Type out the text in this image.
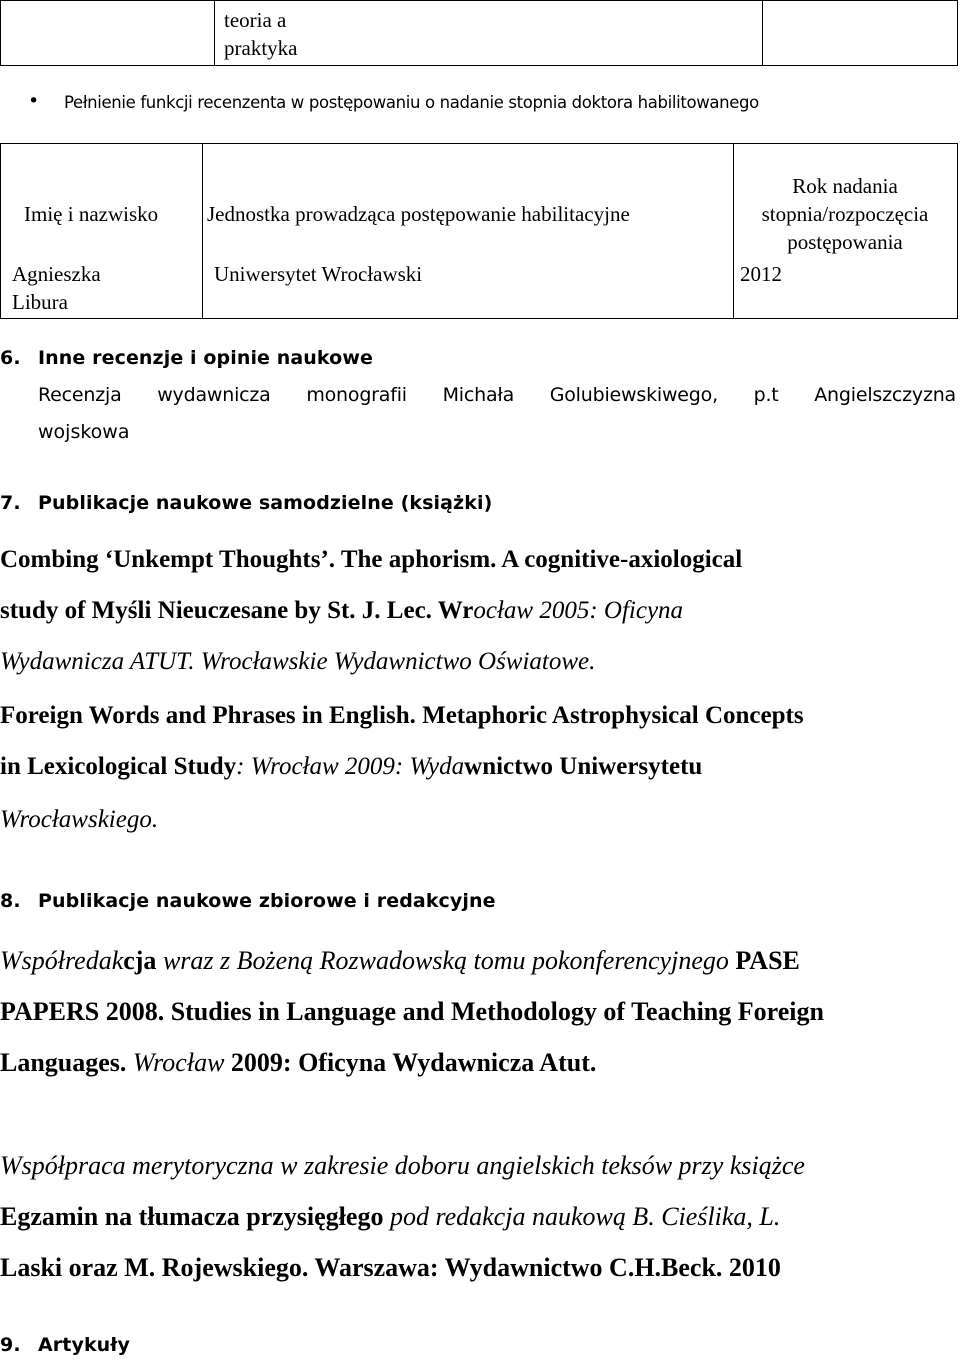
teoria a
praktyka
• Pełnienie funkcji recenzenta w postępowaniu o nadanie stopnia doktora habilitowanego
Imię i nazwisko Jednostka prowadząca postępowanie habilitacyjne
Rok nadania
stopnia/rozpoczęcia
postępowania
Agnieszka
Libura
Uniwersytet Wrocławski	2012
6. Inne recenzje i opinie naukowe
Recenzja wydawnicza monografii Michała Golubiewskiwego, p.t Angielszczyzna
wojskowa
7. Publikacje naukowe samodzielne (książki)
Combing ‘Unkempt Thoughts’. The aphorism. A cognitive-axiological
study of Myśli Nieuczesane by St. J. Lec. Wrocław 2005: Oficyna
Wydawnicza ATUT. Wrocławskie Wydawnictwo Oświatowe.
Foreign Words and Phrases in English. Metaphoric Astrophysical Concepts
in Lexicological Study: Wrocław 2009: Wydawnictwo Uniwersytetu
Wrocławskiego.
8. Publikacje naukowe zbiorowe i redakcyjne
Współredakcja wraz z Bożeną Rozwadowską tomu pokonferencyjnego PASE
PAPERS 2008. Studies in Language and Methodology of Teaching Foreign
Languages. Wrocław 2009: Oficyna Wydawnicza Atut.
Współpraca merytoryczna w zakresie doboru angielskich teksów przy książce
Egzamin na tłumacza przysięgłego pod redakcja naukową B. Cieślika, L.
Laski oraz M. Rojewskiego. Warszawa: Wydawnictwo C.H.Beck. 2010
9. Artykuły
